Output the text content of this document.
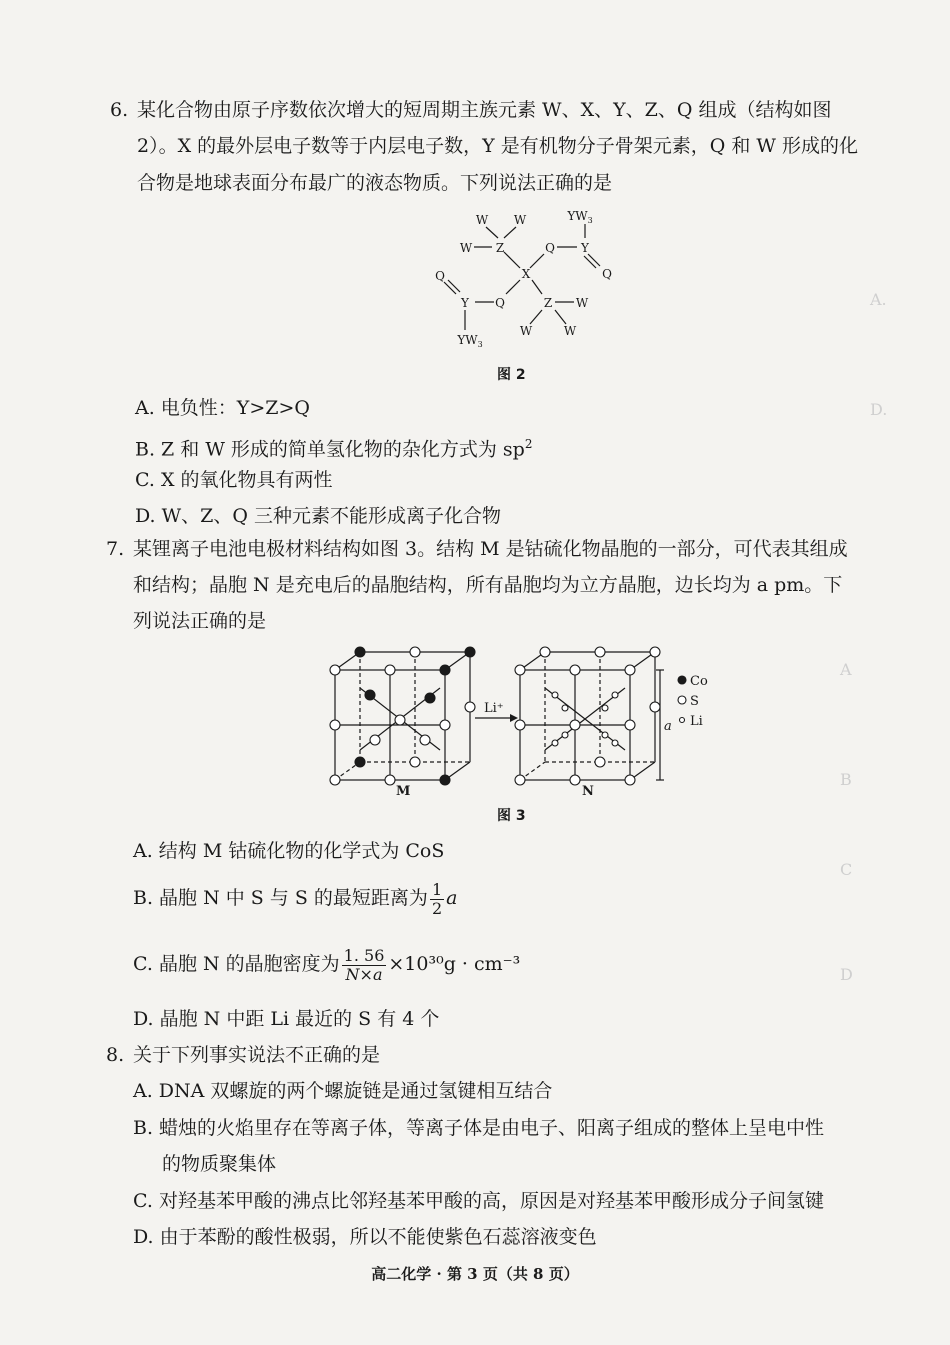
A.
D.
A
B
C
D
6. 某化合物由原子序数依次增大的短周期主族元素 W、X、Y、Z、Q 组成（结构如图
2）。X 的最外层电子数等于内层电子数，Y 是有机物分子骨架元素，Q 和 W 形成的化
合物是地球表面分布最广的液态物质。下列说法正确的是
W W
W Z	Q Y
$YW_3$
Q
X
Q
Y Q	Z W
W	W
$YW_3$
图 2
A. 电负性：Y>Z>Q
B. Z 和 W 形成的简单氢化物的杂化方式为 $sp^2$
C. X 的氧化物具有两性
D. W、Z、Q 三种元素不能形成离子化合物
7. 某锂离子电池电极材料结构如图 3。结构 M 是钴硫化物晶胞的一部分，可代表其组成
和结构；晶胞 N 是充电后的晶胞结构，所有晶胞均为立方晶胞，边长均为 a pm。下
列说法正确的是
Co
S
Li
Li⁺
a
M	N
图 3
A. 结构 M 钴硫化物的化学式为 CoS
B. 晶胞 N 中 S 与 S 的最短距离为 $\frac{1}{2}$ a
C. 晶胞 N 的晶胞密度为 $\frac{1. 56}{N\times a} \times 10^{30}g \cdot cm^{-3}$
D. 晶胞 N 中距 Li 最近的 S 有 4 个
8. 关于下列事实说法不正确的是
A. DNA 双螺旋的两个螺旋链是通过氢键相互结合
B. 蜡烛的火焰里存在等离子体，等离子体是由电子、阳离子组成的整体上呈电中性
的物质聚集体
C. 对羟基苯甲酸的沸点比邻羟基苯甲酸的高，原因是对羟基苯甲酸形成分子间氢键
D. 由于苯酚的酸性极弱，所以不能使紫色石蕊溶液变色
高二化学 · 第 3 页（共 8 页）
